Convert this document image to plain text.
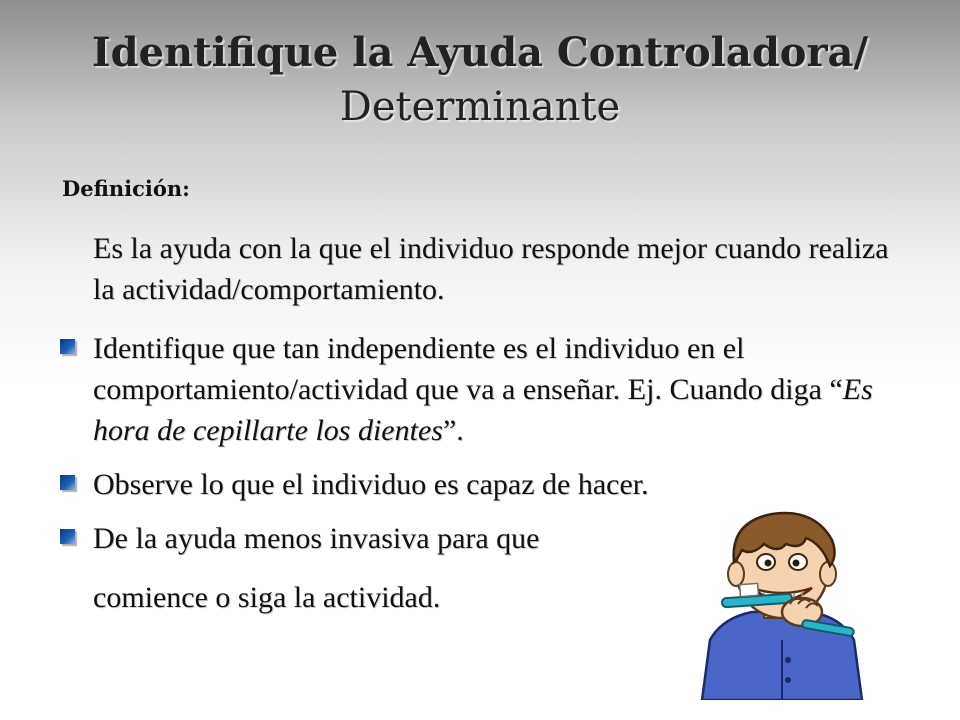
Identifique la Ayuda Controladora/
Determinante
Definición:
Es la ayuda con la que el individuo responde mejor cuando realiza la actividad/comportamiento.
Identifique que tan independiente es el individuo en el comportamiento/actividad que va a enseñar. Ej. Cuando diga “Es hora de cepillarte los dientes”.
Observe lo que el individuo es capaz de hacer.
De la ayuda menos invasiva para que
comience o siga la actividad.
